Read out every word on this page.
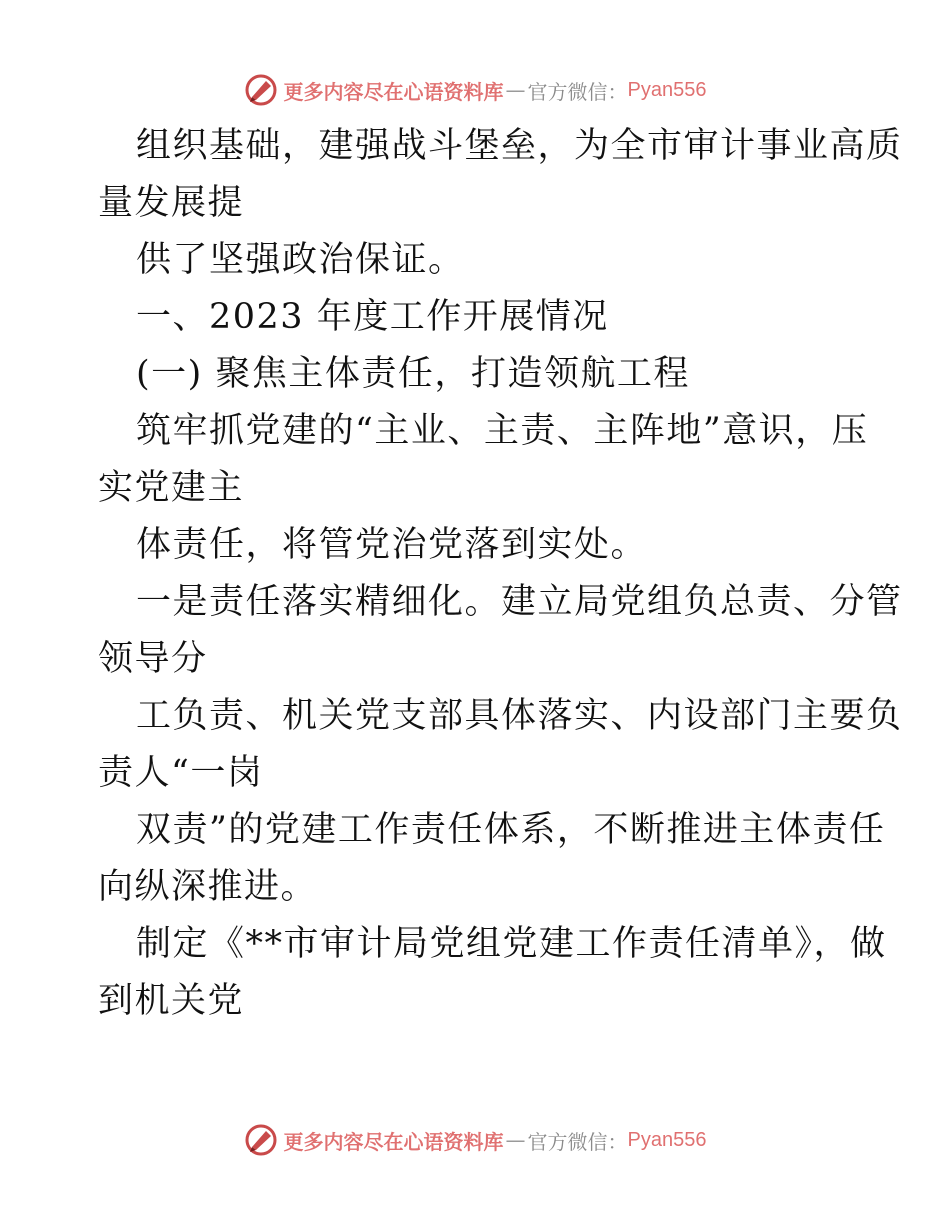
更多内容尽在心语资料库 — 官方微信： Pyan556
组织基础，建强战斗堡垒，为全市审计事业高质
量发展提
供了坚强政治保证。
一、2023 年度工作开展情况
(一) 聚焦主体责任，打造领航工程
筑牢抓党建的“主业、主责、主阵地”意识，压
实党建主
体责任，将管党治党落到实处。
一是责任落实精细化。建立局党组负总责、分管
领导分
工负责、机关党支部具体落实、内设部门主要负
责人“一岗
双责”的党建工作责任体系，不断推进主体责任
向纵深推进。
制定《**市审计局党组党建工作责任清单》，做
到机关党
更多内容尽在心语资料库 — 官方微信： Pyan556
